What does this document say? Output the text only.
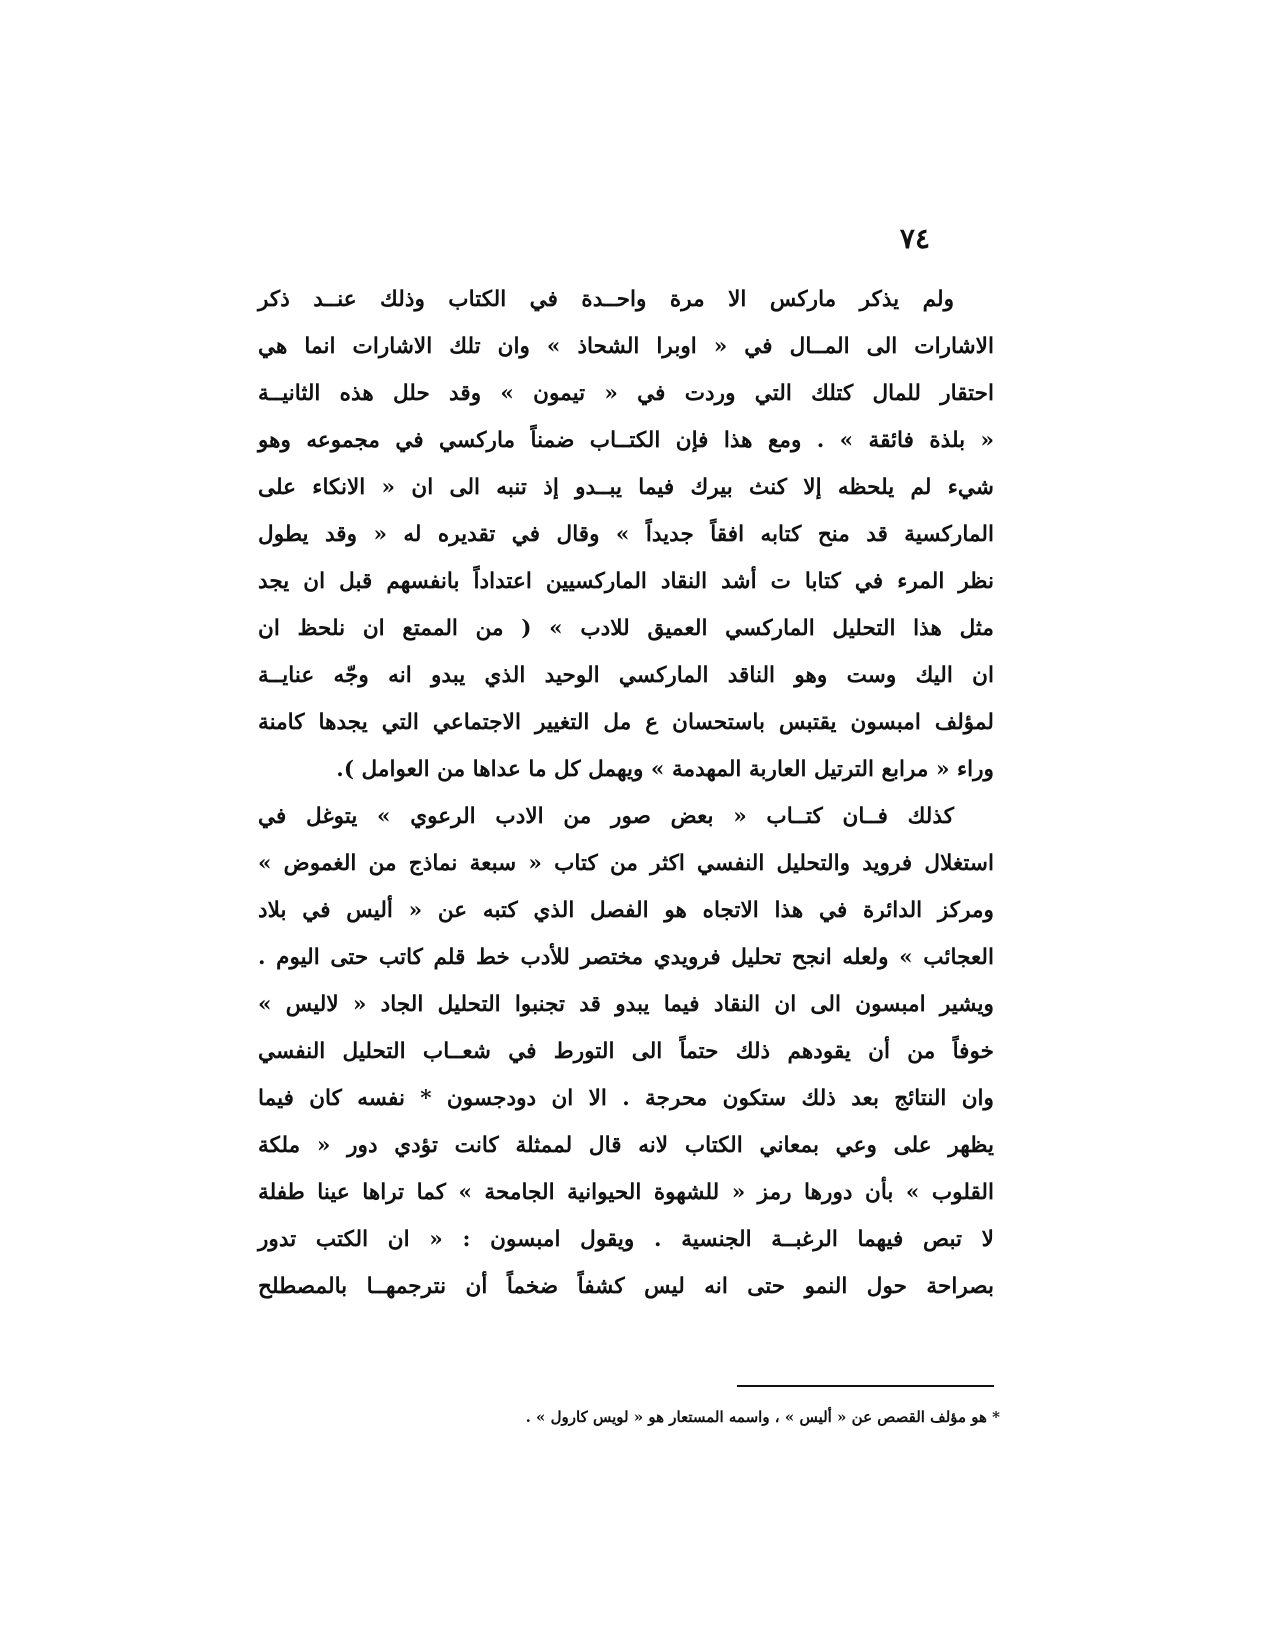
٧٤
ولم يذكر ماركس الا مرة واحــدة في الكتاب وذلك عنــد ذكر
الاشارات الى المــال في « اوبرا الشحاذ » وان تلك الاشارات انما هي
احتقار للمال كتلك التي وردت في « تيمون » وقد حلل هذه الثانيــة
« بلذة فائقة » . ومع هذا فإن الكتــاب ضمناً ماركسي في مجموعه وهو
شيء لم يلحظه إلا كنث بيرك فيما يبــدو إذ تنبه الى ان « الانكاء على
الماركسية قد منح كتابه افقاً جديداً » وقال في تقديره له « وقد يطول
نظر المرء في كتابا ت أشد النقاد الماركسيين اعتداداً بانفسهم قبل ان يجد
مثل هذا التحليل الماركسي العميق للادب » ( من الممتع ان نلحظ ان
ان اليك وست وهو الناقد الماركسي الوحيد الذي يبدو انه وجّه عنايــة
لمؤلف امبسون يقتبس باستحسان ع مل التغيير الاجتماعي التي يجدها كامنة
وراء « مرابع الترتيل العاربة المهدمة » ويهمل كل ما عداها من العوامل ).
كذلك فــان كتــاب « بعض صور من الادب الرعوي » يتوغل في
استغلال فرويد والتحليل النفسي اكثر من كتاب « سبعة نماذج من الغموض »
ومركز الدائرة في هذا الاتجاه هو الفصل الذي كتبه عن « أليس في بلاد
العجائب » ولعله انجح تحليل فرويدي مختصر للأدب خط قلم كاتب حتى اليوم .
ويشير امبسون الى ان النقاد فيما يبدو قد تجنبوا التحليل الجاد « لاليس »
خوفاً من أن يقودهم ذلك حتماً الى التورط في شعــاب التحليل النفسي
وان النتائج بعد ذلك ستكون محرجة . الا ان دودجسون * نفسه كان فيما
يظهر على وعي بمعاني الكتاب لانه قال لممثلة كانت تؤدي دور « ملكة
القلوب » بأن دورها رمز « للشهوة الحيوانية الجامحة » كما تراها عينا طفلة
لا تبص فيهما الرغبــة الجنسية . ويقول امبسون : « ان الكتب تدور
بصراحة حول النمو حتى انه ليس كشفاً ضخماً أن نترجمهــا بالمصطلح
* هو مؤلف القصص عن « أليس » ، واسمه المستعار هو « لويس كارول » .
